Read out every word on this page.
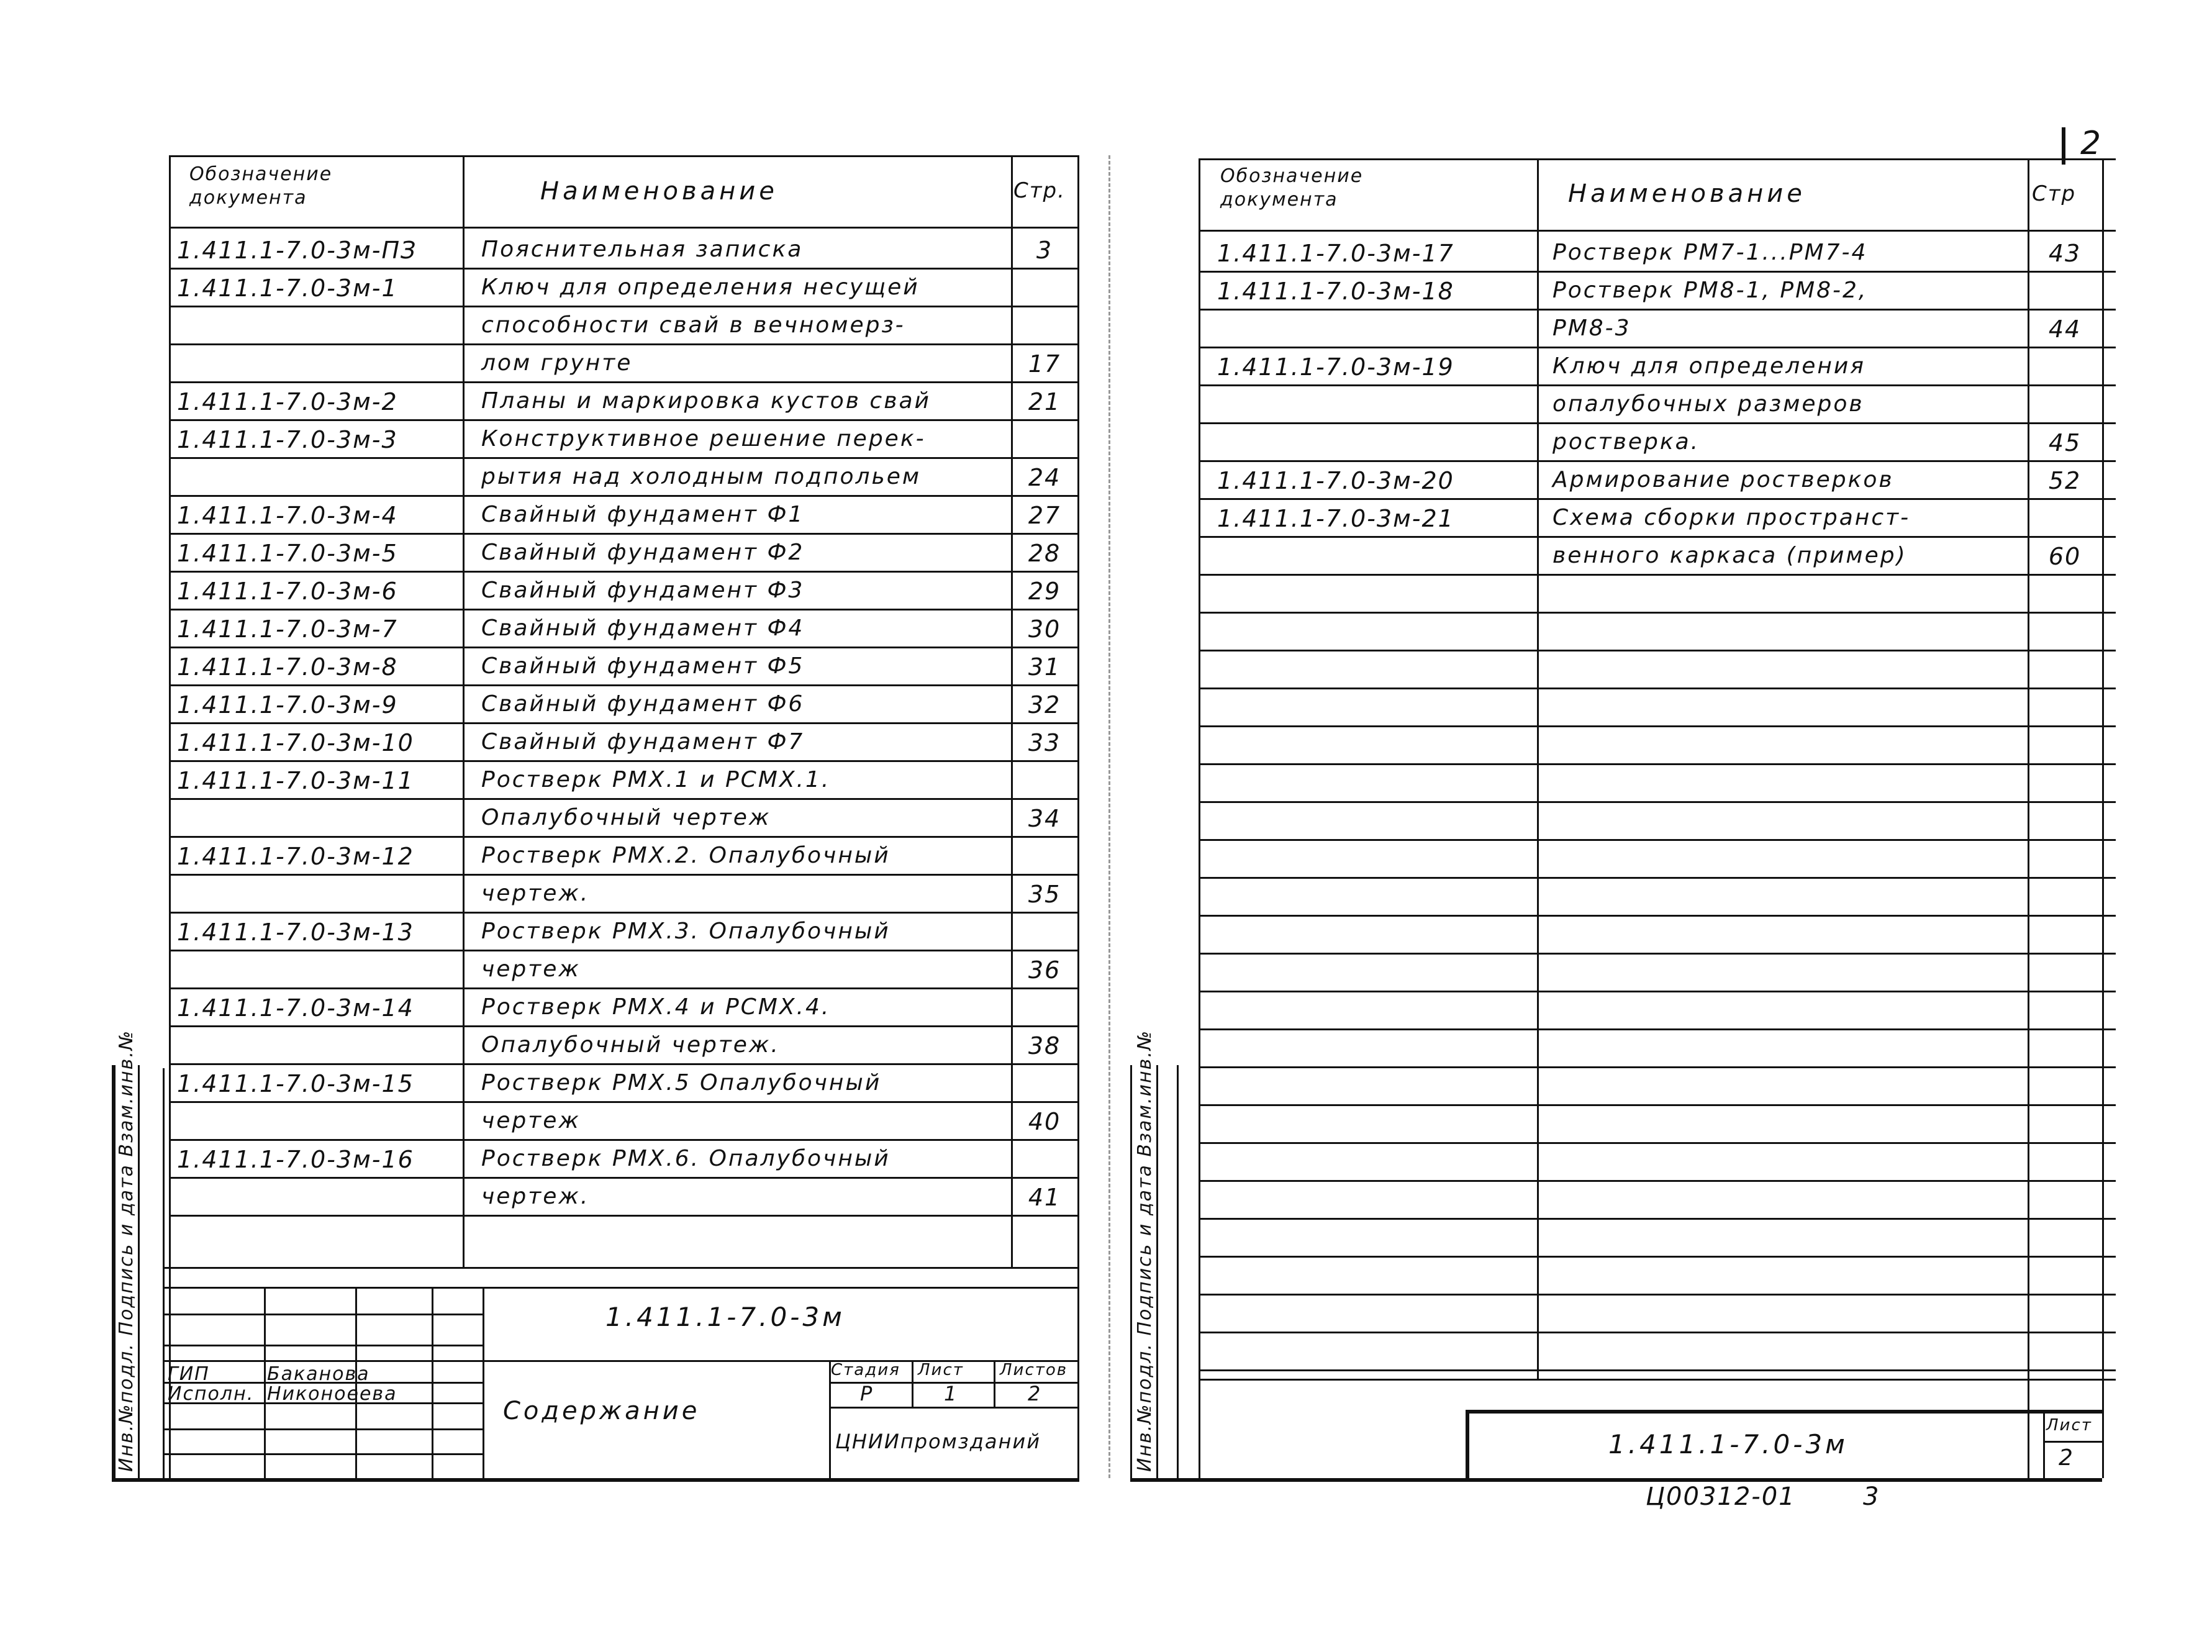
2
Обозначение документа	Наименование	Стр.
1.411.1-7.0-3м-ПЗ	Пояснительная записка	3
1.411.1-7.0-3м-1	Ключ для определения несущей
способности свай в вечномерз-
лом грунте	17
1.411.1-7.0-3м-2	Планы и маркировка кустов свай	21
1.411.1-7.0-3м-3	Конструктивное решение перек-
рытия над холодным подпольем	24
1.411.1-7.0-3м-4	Свайный фундамент Ф1	27
1.411.1-7.0-3м-5	Свайный фундамент Ф2	28
1.411.1-7.0-3м-6	Свайный фундамент Ф3	29
1.411.1-7.0-3м-7	Свайный фундамент Ф4	30
1.411.1-7.0-3м-8	Свайный фундамент Ф5	31
1.411.1-7.0-3м-9	Свайный фундамент Ф6	32
1.411.1-7.0-3м-10	Свайный фундамент Ф7	33
1.411.1-7.0-3м-11	Ростверк РМХ.1 и РСМХ.1.
Опалубочный чертеж	34
1.411.1-7.0-3м-12	Ростверк РМХ.2. Опалубочный
чертеж.	35
1.411.1-7.0-3м-13	Ростверк РМХ.3. Опалубочный
чертеж	36
1.411.1-7.0-3м-14	Ростверк РМХ.4 и РСМХ.4.
Опалубочный чертеж.	38
1.411.1-7.0-3м-15	Ростверк РМХ.5 Опалубочный
чертеж	40
1.411.1-7.0-3м-16	Ростверк РМХ.6. Опалубочный
чертеж.	41
Инв.№подл. Подпись и дата Взам.инв.№	1.411.1-7.0-3м
ГИП	Баканова
Исполн. Никоноеева
Содержание
Стадия Лист Листов
Р	1	2
ЦНИИпромзданий
Обозначение документа	Наименование	Стр
1.411.1-7.0-3м-17	Ростверк РМ7-1...РМ7-4	43
1.411.1-7.0-3м-18	Ростверк РМ8-1, РМ8-2,
РМ8-3	44
1.411.1-7.0-3м-19	Ключ для определения
опалубочных размеров
ростверка.	45
1.411.1-7.0-3м-20	Армирование ростверков	52
1.411.1-7.0-3м-21	Схема сборки пространст-
венного каркаса (пример)	60
Инв.№подл. Подпись и дата Взам.инв.№	1.411.1-7.0-3м
Лист
2
Ц00312-01	3
